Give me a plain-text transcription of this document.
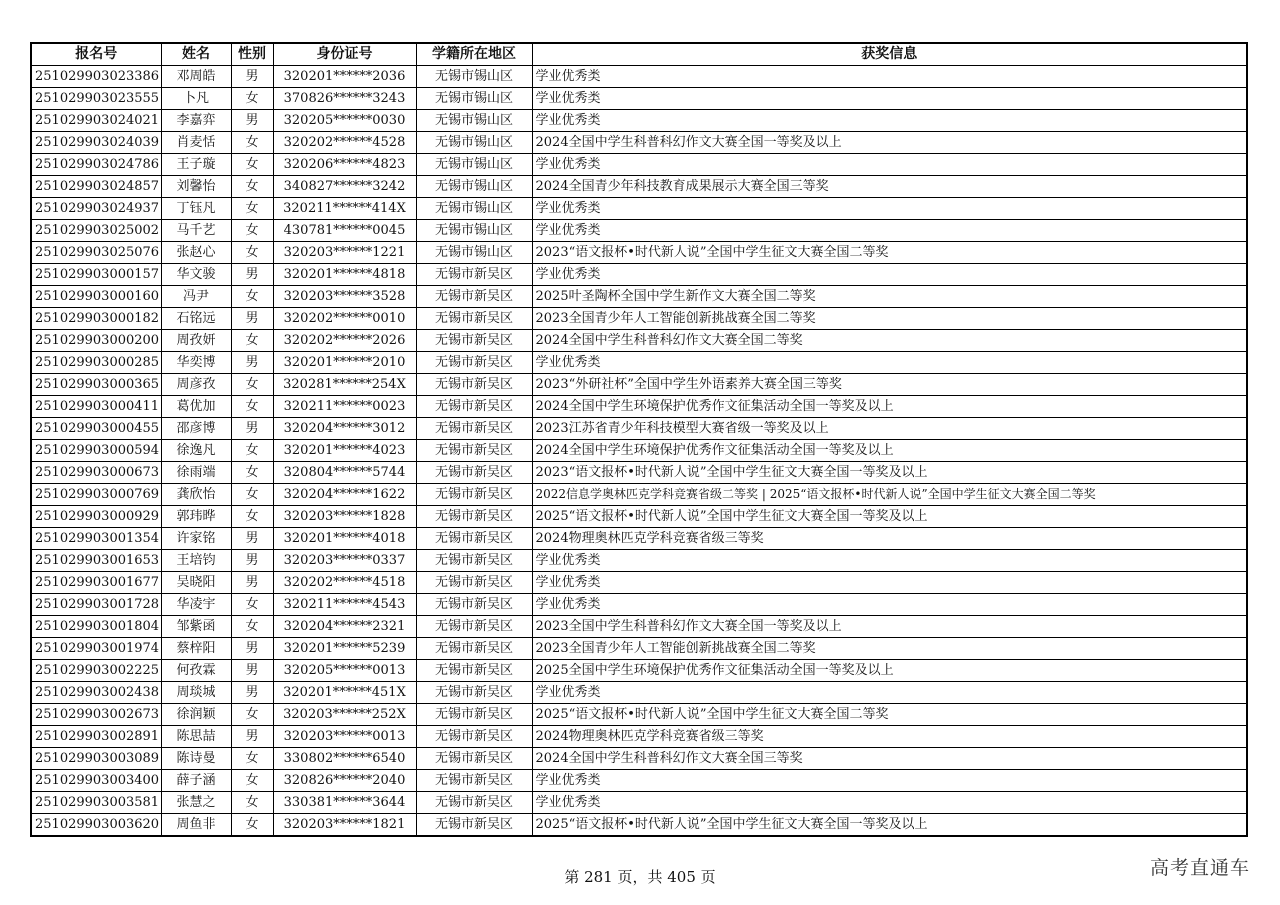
报名号	姓名	性别	身份证号	学籍所在地区	获奖信息
251029903023386	邓周皓	男	320201******2036	无锡市锡山区	学业优秀类
251029903023555	卜凡	女	370826******3243	无锡市锡山区	学业优秀类
251029903024021	李嘉弈	男	320205******0030	无锡市锡山区	学业优秀类
251029903024039	肖麦恬	女	320202******4528	无锡市锡山区	2024全国中学生科普科幻作文大赛全国一等奖及以上
251029903024786	王子璇	女	320206******4823	无锡市锡山区	学业优秀类
251029903024857	刘馨怡	女	340827******3242	无锡市锡山区	2024全国青少年科技教育成果展示大赛全国三等奖
251029903024937	丁钰凡	女	320211******414X	无锡市锡山区	学业优秀类
251029903025002	马千艺	女	430781******0045	无锡市锡山区	学业优秀类
251029903025076	张赵心	女	320203******1221	无锡市锡山区	2023“语文报杯•时代新人说”全国中学生征文大赛全国二等奖
251029903000157	华文骏	男	320201******4818	无锡市新吴区	学业优秀类
251029903000160	冯尹	女	320203******3528	无锡市新吴区	2025叶圣陶杯全国中学生新作文大赛全国二等奖
251029903000182	石铭远	男	320202******0010	无锡市新吴区	2023全国青少年人工智能创新挑战赛全国二等奖
251029903000200	周孜妍	女	320202******2026	无锡市新吴区	2024全国中学生科普科幻作文大赛全国二等奖
251029903000285	华奕博	男	320201******2010	无锡市新吴区	学业优秀类
251029903000365	周彦孜	女	320281******254X	无锡市新吴区	2023“外研社杯”全国中学生外语素养大赛全国三等奖
251029903000411	葛优加	女	320211******0023	无锡市新吴区	2024全国中学生环境保护优秀作文征集活动全国一等奖及以上
251029903000455	邵彦博	男	320204******3012	无锡市新吴区	2023江苏省青少年科技模型大赛省级一等奖及以上
251029903000594	徐逸凡	女	320201******4023	无锡市新吴区	2024全国中学生环境保护优秀作文征集活动全国一等奖及以上
251029903000673	徐雨端	女	320804******5744	无锡市新吴区	2023“语文报杯•时代新人说”全国中学生征文大赛全国一等奖及以上
251029903000769	龚欣怡	女	320204******1622	无锡市新吴区	2022信息学奥林匹克学科竞赛省级二等奖 | 2025“语文报杯•时代新人说”全国中学生征文大赛全国二等奖
251029903000929	郭玮晔	女	320203******1828	无锡市新吴区	2025“语文报杯•时代新人说”全国中学生征文大赛全国一等奖及以上
251029903001354	许家铭	男	320201******4018	无锡市新吴区	2024物理奥林匹克学科竞赛省级三等奖
251029903001653	王培钧	男	320203******0337	无锡市新吴区	学业优秀类
251029903001677	吴晓阳	男	320202******4518	无锡市新吴区	学业优秀类
251029903001728	华凌宇	女	320211******4543	无锡市新吴区	学业优秀类
251029903001804	邹紫函	女	320204******2321	无锡市新吴区	2023全国中学生科普科幻作文大赛全国一等奖及以上
251029903001974	蔡梓阳	男	320201******5239	无锡市新吴区	2023全国青少年人工智能创新挑战赛全国二等奖
251029903002225	何孜霖	男	320205******0013	无锡市新吴区	2025全国中学生环境保护优秀作文征集活动全国一等奖及以上
251029903002438	周琰城	男	320201******451X	无锡市新吴区	学业优秀类
251029903002673	徐润颖	女	320203******252X	无锡市新吴区	2025“语文报杯•时代新人说”全国中学生征文大赛全国二等奖
251029903002891	陈思喆	男	320203******0013	无锡市新吴区	2024物理奥林匹克学科竞赛省级三等奖
251029903003089	陈诗曼	女	330802******6540	无锡市新吴区	2024全国中学生科普科幻作文大赛全国三等奖
251029903003400	薛子涵	女	320826******2040	无锡市新吴区	学业优秀类
251029903003581	张慧之	女	330381******3644	无锡市新吴区	学业优秀类
251029903003620	周鱼非	女	320203******1821	无锡市新吴区	2025“语文报杯•时代新人说”全国中学生征文大赛全国一等奖及以上
第 281 页，共 405 页	高考直通车
